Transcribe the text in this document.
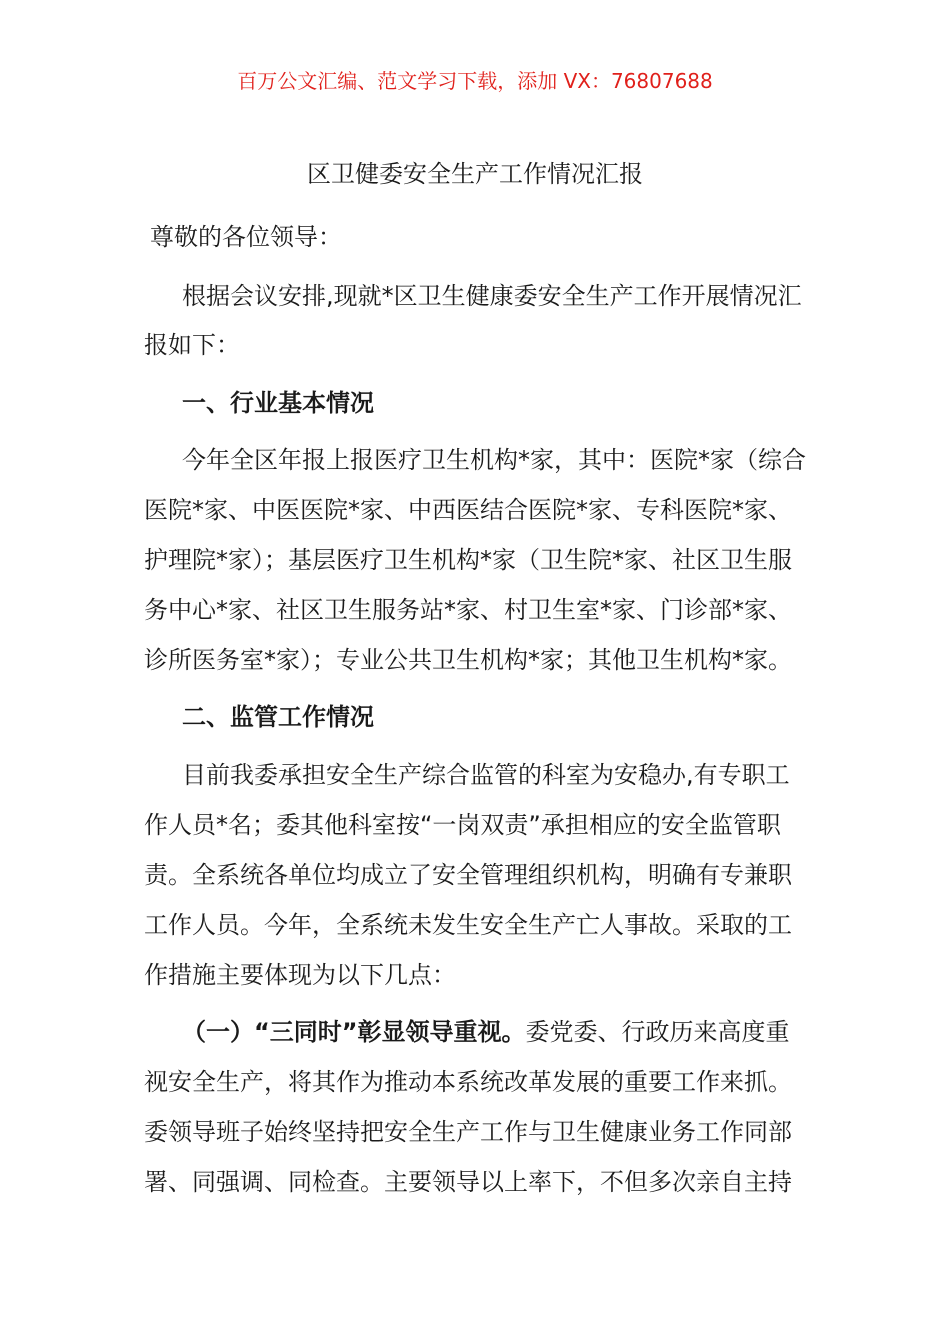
百万公文汇编、范文学习下载，添加 VX：76807688
区卫健委安全生产工作情况汇报
尊敬的各位领导：
根据会议安排,现就*区卫生健康委安全生产工作开展情况汇
报如下：
一、行业基本情况
今年全区年报上报医疗卫生机构*家，其中：医院*家（综合
医院*家、中医医院*家、中西医结合医院*家、专科医院*家、
护理院*家）；基层医疗卫生机构*家（卫生院*家、社区卫生服
务中心*家、社区卫生服务站*家、村卫生室*家、门诊部*家、
诊所医务室*家）；专业公共卫生机构*家；其他卫生机构*家。
二、监管工作情况
目前我委承担安全生产综合监管的科室为安稳办,有专职工
作人员*名；委其他科室按“一岗双责”承担相应的安全监管职
责。全系统各单位均成立了安全管理组织机构，明确有专兼职
工作人员。今年，全系统未发生安全生产亡人事故。采取的工
作措施主要体现为以下几点：
（一）“三同时”彰显领导重视。委党委、行政历来高度重
视安全生产，将其作为推动本系统改革发展的重要工作来抓。
委领导班子始终坚持把安全生产工作与卫生健康业务工作同部
署、同强调、同检查。主要领导以上率下，不但多次亲自主持
